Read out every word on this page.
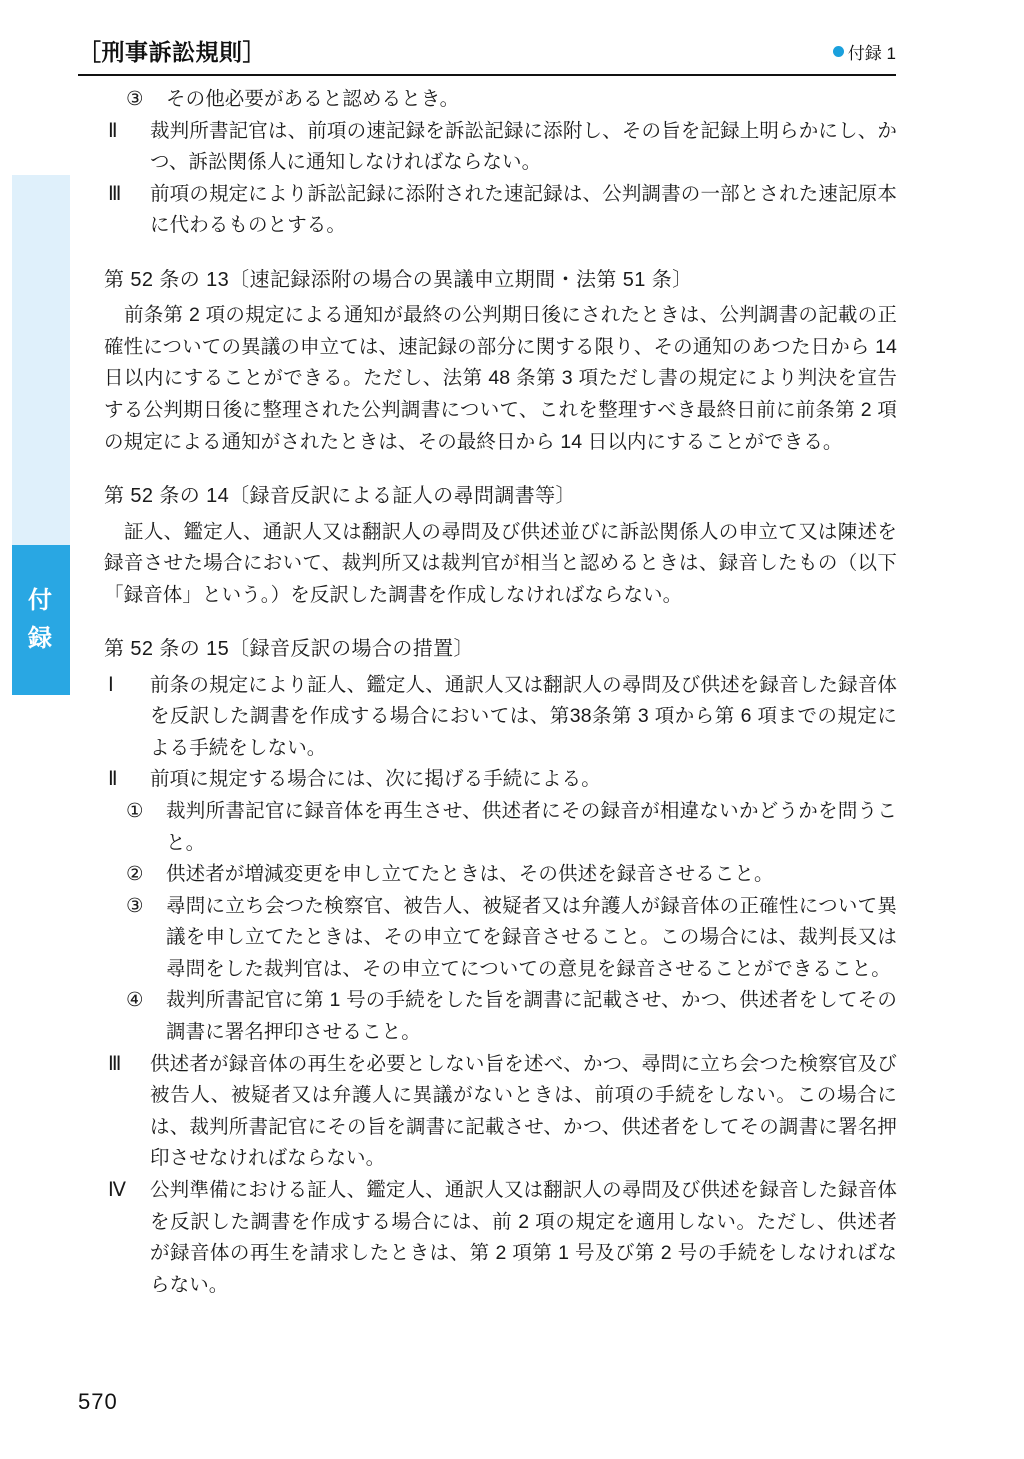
付
録
［刑事訴訟規則］	付録 1
③	その他必要があると認めるとき。
Ⅱ	裁判所書記官は、前項の速記録を訴訟記録に添附し、その旨を記録上明らかにし、かつ、訴訟関係人に通知しなければならない。
Ⅲ	前項の規定により訴訟記録に添附された速記録は、公判調書の一部とされた速記原本に代わるものとする。
第 52 条の 13〔速記録添附の場合の異議申立期間・法第 51 条〕
前条第 2 項の規定による通知が最終の公判期日後にされたときは、公判調書の記載の正確性についての異議の申立ては、速記録の部分に関する限り、その通知のあつた日から 14 日以内にすることができる。ただし、法第 48 条第 3 項ただし書の規定により判決を宣告する公判期日後に整理された公判調書について、これを整理すべき最終日前に前条第 2 項の規定による通知がされたときは、その最終日から 14 日以内にすることができる。
第 52 条の 14〔録音反訳による証人の尋問調書等〕
証人、鑑定人、通訳人又は翻訳人の尋問及び供述並びに訴訟関係人の申立て又は陳述を録音させた場合において、裁判所又は裁判官が相当と認めるときは、録音したもの（以下「録音体」という。）を反訳した調書を作成しなければならない。
第 52 条の 15〔録音反訳の場合の措置〕
Ⅰ	前条の規定により証人、鑑定人、通訳人又は翻訳人の尋問及び供述を録音した録音体を反訳した調書を作成する場合においては、第38条第 3 項から第 6 項までの規定による手続をしない。
Ⅱ	前項に規定する場合には、次に掲げる手続による。
①	裁判所書記官に録音体を再生させ、供述者にその録音が相違ないかどうかを問うこと。
②	供述者が増減変更を申し立てたときは、その供述を録音させること。
③	尋問に立ち会つた検察官、被告人、被疑者又は弁護人が録音体の正確性について異議を申し立てたときは、その申立てを録音させること。この場合には、裁判長又は尋問をした裁判官は、その申立てについての意見を録音させることができること。
④	裁判所書記官に第 1 号の手続をした旨を調書に記載させ、かつ、供述者をしてその調書に署名押印させること。
Ⅲ	供述者が録音体の再生を必要としない旨を述べ、かつ、尋問に立ち会つた検察官及び被告人、被疑者又は弁護人に異議がないときは、前項の手続をしない。この場合には、裁判所書記官にその旨を調書に記載させ、かつ、供述者をしてその調書に署名押印させなければならない。
Ⅳ	公判準備における証人、鑑定人、通訳人又は翻訳人の尋問及び供述を録音した録音体を反訳した調書を作成する場合には、前 2 項の規定を適用しない。ただし、供述者が録音体の再生を請求したときは、第 2 項第 1 号及び第 2 号の手続をしなければならない。
570
